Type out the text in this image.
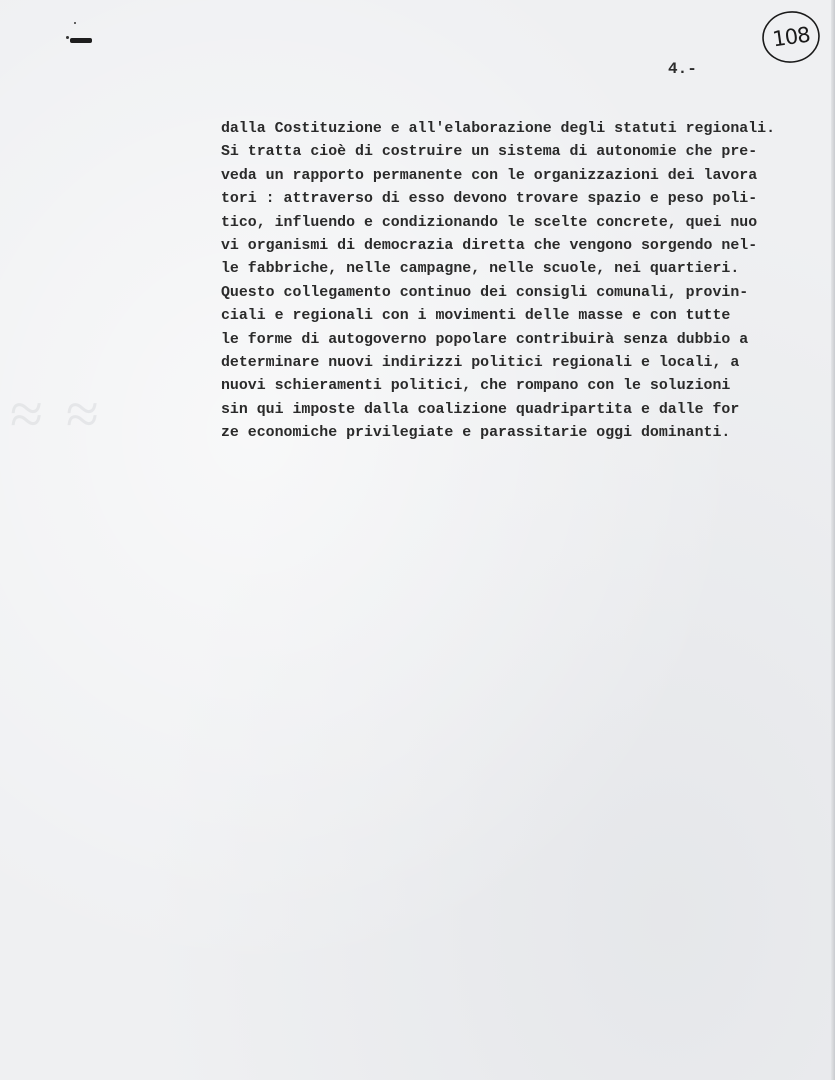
≈ ≈
108
4.-
dalla Costituzione e all'elaborazione degli statuti regionali.
Si tratta cioè di costruire un sistema di autonomie che pre-
veda un rapporto permanente con le organizzazioni dei lavora
tori : attraverso di esso devono trovare spazio e peso poli-
tico, influendo e condizionando le scelte concrete, quei nuo
vi organismi di democrazia diretta che vengono sorgendo nel-
le fabbriche, nelle campagne, nelle scuole, nei quartieri.
Questo collegamento continuo dei consigli comunali, provin-
ciali e regionali con i movimenti delle masse e con tutte
le forme di autogoverno popolare contribuirà senza dubbio a
determinare nuovi indirizzi politici regionali e locali, a
nuovi schieramenti politici, che rompano con le soluzioni
sin qui imposte dalla coalizione quadripartita e dalle for
ze economiche privilegiate e parassitarie oggi dominanti.
